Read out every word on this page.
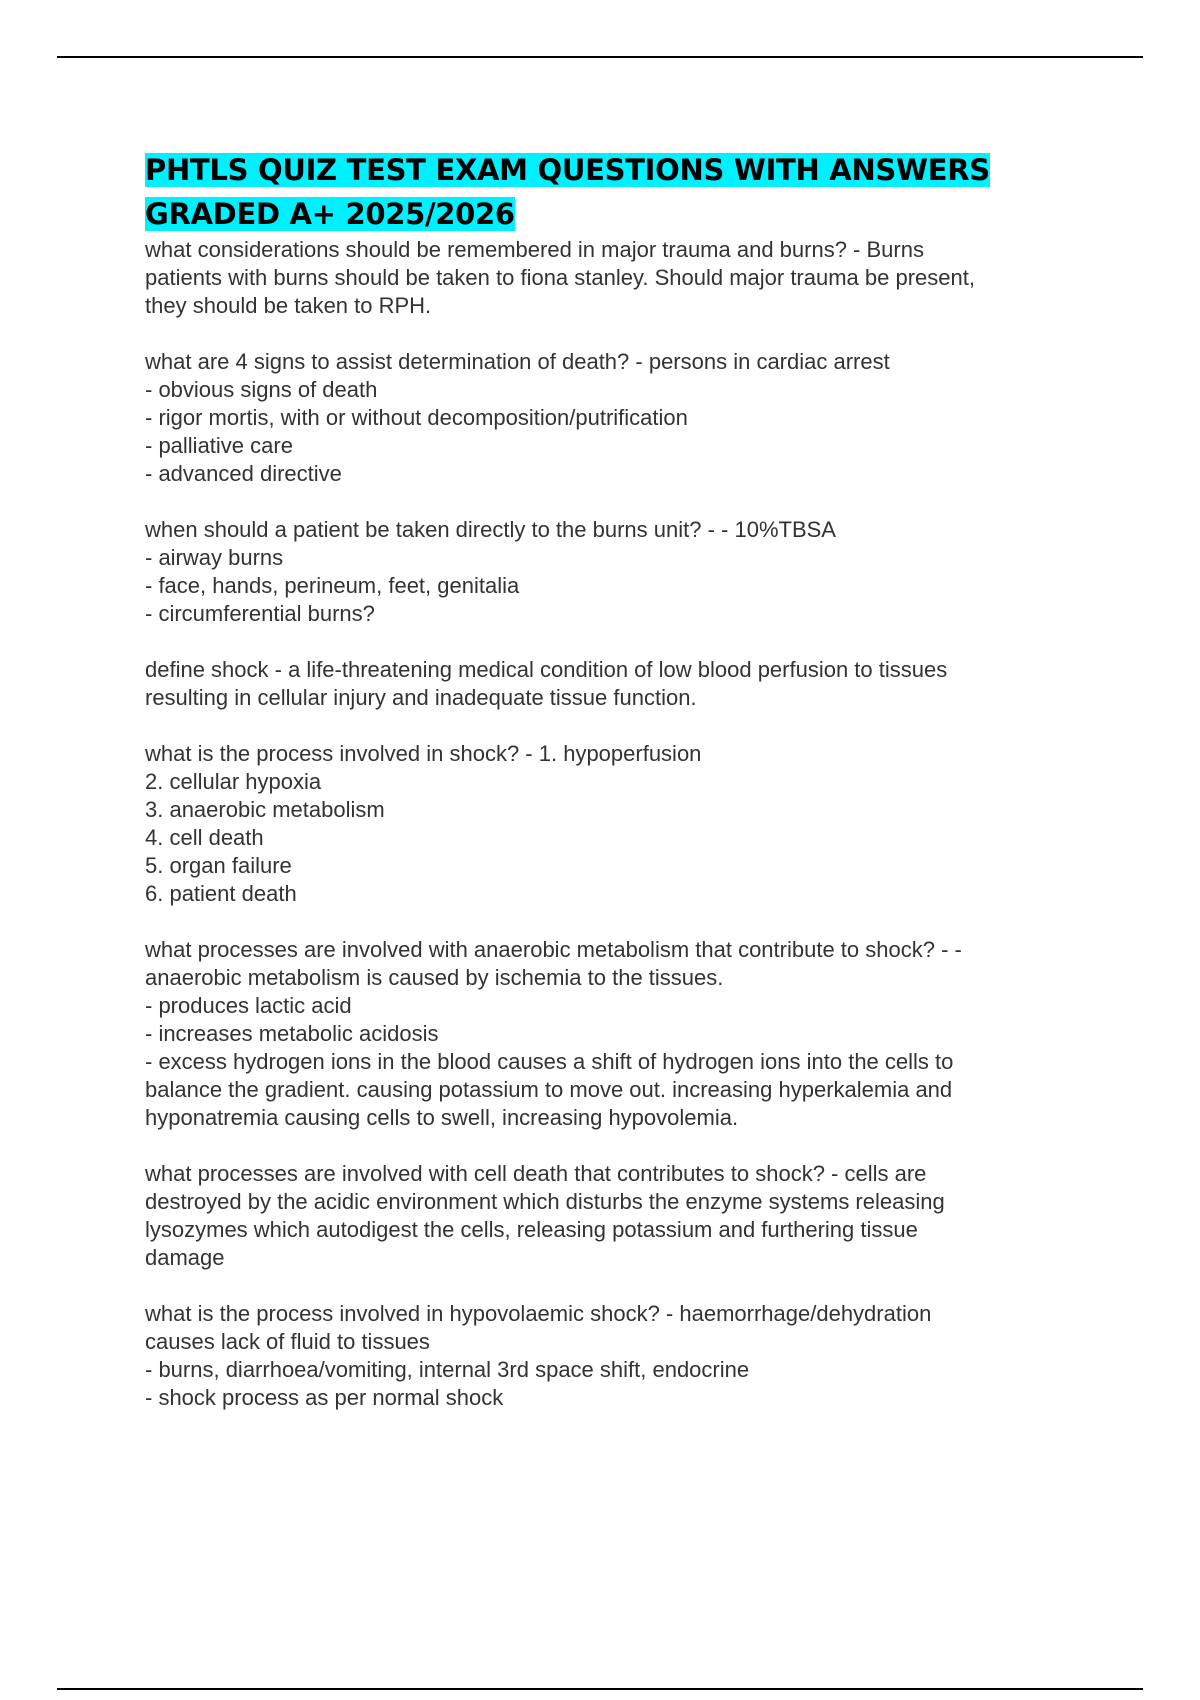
PHTLS QUIZ TEST EXAM QUESTIONS WITH ANSWERS
GRADED A+ 2025/2026

what considerations should be remembered in major trauma and burns? - Burns

patients with burns should be taken to fiona stanley. Should major trauma be present,

they should be taken to RPH.

what are 4 signs to assist determination of death? - persons in cardiac arrest

- obvious signs of death

- rigor mortis, with or without decomposition/putrification

- palliative care

- advanced directive

when should a patient be taken directly to the burns unit? - - 10%TBSA

- airway burns

- face, hands, perineum, feet, genitalia

- circumferential burns?

define shock - a life-threatening medical condition of low blood perfusion to tissues

resulting in cellular injury and inadequate tissue function.

what is the process involved in shock? - 1. hypoperfusion

2. cellular hypoxia

3. anaerobic metabolism

4. cell death

5. organ failure

6. patient death

what processes are involved with anaerobic metabolism that contribute to shock? - -

anaerobic metabolism is caused by ischemia to the tissues.

- produces lactic acid

- increases metabolic acidosis

- excess hydrogen ions in the blood causes a shift of hydrogen ions into the cells to

balance the gradient. causing potassium to move out. increasing hyperkalemia and

hyponatremia causing cells to swell, increasing hypovolemia.

what processes are involved with cell death that contributes to shock? - cells are

destroyed by the acidic environment which disturbs the enzyme systems releasing

lysozymes which autodigest the cells, releasing potassium and furthering tissue

damage

what is the process involved in hypovolaemic shock? - haemorrhage/dehydration

causes lack of fluid to tissues

- burns, diarrhoea/vomiting, internal 3rd space shift, endocrine

- shock process as per normal shock
